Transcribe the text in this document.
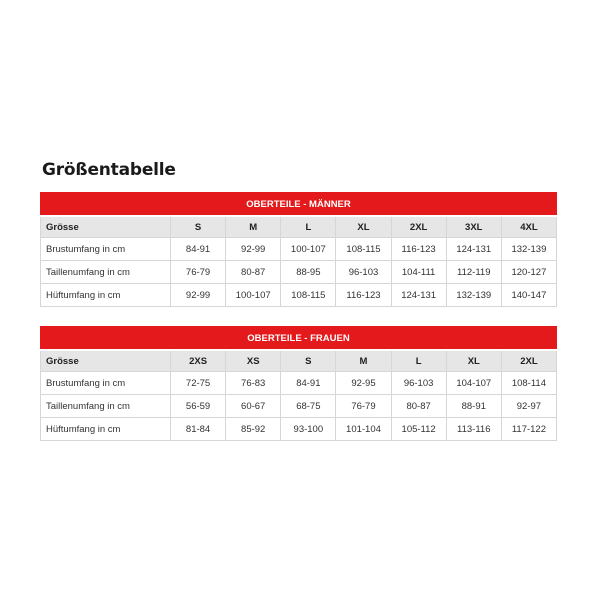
Größentabelle
OBERTEILE - MÄNNER							
Grösse	S	M	L	XL	2XL	3XL	4XL
Brustumfang in cm	84-91	92-99	100-107	108-115	116-123	124-131	132-139
Taillenumfang in cm	76-79	80-87	88-95	96-103	104-111	112-119	120-127
Hüftumfang in cm	92-99	100-107	108-115	116-123	124-131	132-139	140-147
OBERTEILE - FRAUEN							
Grösse	2XS	XS	S	M	L	XL	2XL
Brustumfang in cm	72-75	76-83	84-91	92-95	96-103	104-107	108-114
Taillenumfang in cm	56-59	60-67	68-75	76-79	80-87	88-91	92-97
Hüftumfang in cm	81-84	85-92	93-100	101-104	105-112	113-116	117-122
